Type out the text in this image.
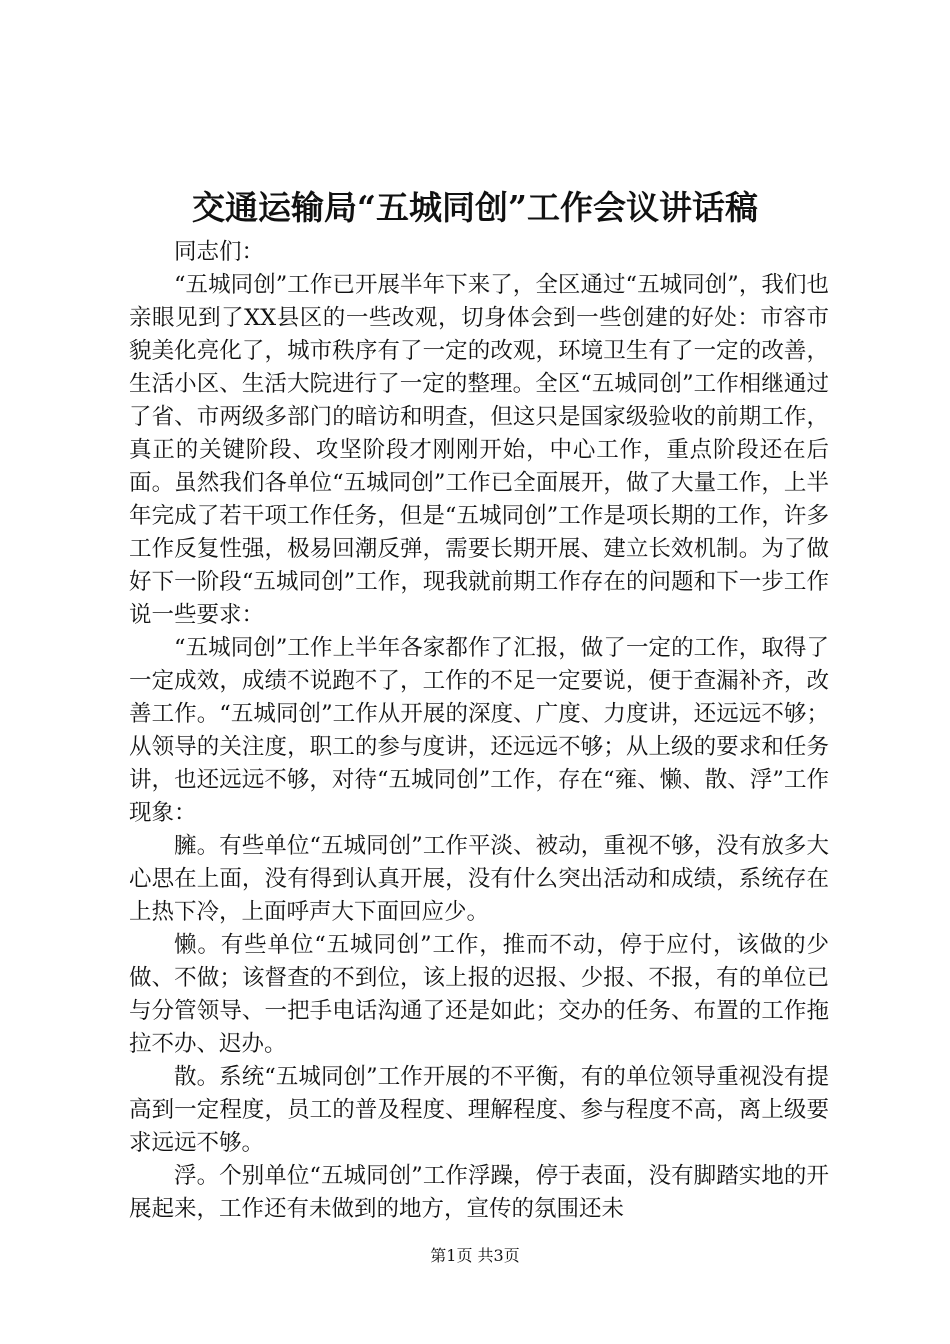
交通运输局“五城同创”工作会议讲话稿

同志们：

“五城同创”工作已开展半年下来了，全区通过“五城同创”，我们也亲眼见到了XX县区的一些改观，切身体会到一些创建的好处：市容市貌美化亮化了，城市秩序有了一定的改观，环境卫生有了一定的改善，生活小区、生活大院进行了一定的整理。全区“五城同创”工作相继通过了省、市两级多部门的暗访和明查，但这只是国家级验收的前期工作，真正的关键阶段、攻坚阶段才刚刚开始，中心工作，重点阶段还在后面。虽然我们各单位“五城同创”工作已全面展开，做了大量工作，上半年完成了若干项工作任务，但是“五城同创”工作是项长期的工作，许多工作反复性强，极易回潮反弹，需要长期开展、建立长效机制。为了做好下一阶段“五城同创”工作，现我就前期工作存在的问题和下一步工作说一些要求：

“五城同创”工作上半年各家都作了汇报，做了一定的工作，取得了一定成效，成绩不说跑不了，工作的不足一定要说，便于查漏补齐，改善工作。“五城同创”工作从开展的深度、广度、力度讲，还远远不够；从领导的关注度，职工的参与度讲，还远远不够；从上级的要求和任务讲，也还远远不够，对待“五城同创”工作，存在“雍、懒、散、浮”工作现象：

臃。有些单位“五城同创”工作平淡、被动，重视不够，没有放多大心思在上面，没有得到认真开展，没有什么突出活动和成绩，系统存在上热下冷，上面呼声大下面回应少。

懒。有些单位“五城同创”工作，推而不动，停于应付，该做的少做、不做；该督查的不到位，该上报的迟报、少报、不报，有的单位已与分管领导、一把手电话沟通了还是如此；交办的任务、布置的工作拖拉不办、迟办。

散。系统“五城同创”工作开展的不平衡，有的单位领导重视没有提高到一定程度，员工的普及程度、理解程度、参与程度不高，离上级要求远远不够。

浮。个别单位“五城同创”工作浮躁，停于表面，没有脚踏实地的开展起来，工作还有未做到的地方，宣传的氛围还未

第1页 共3页
